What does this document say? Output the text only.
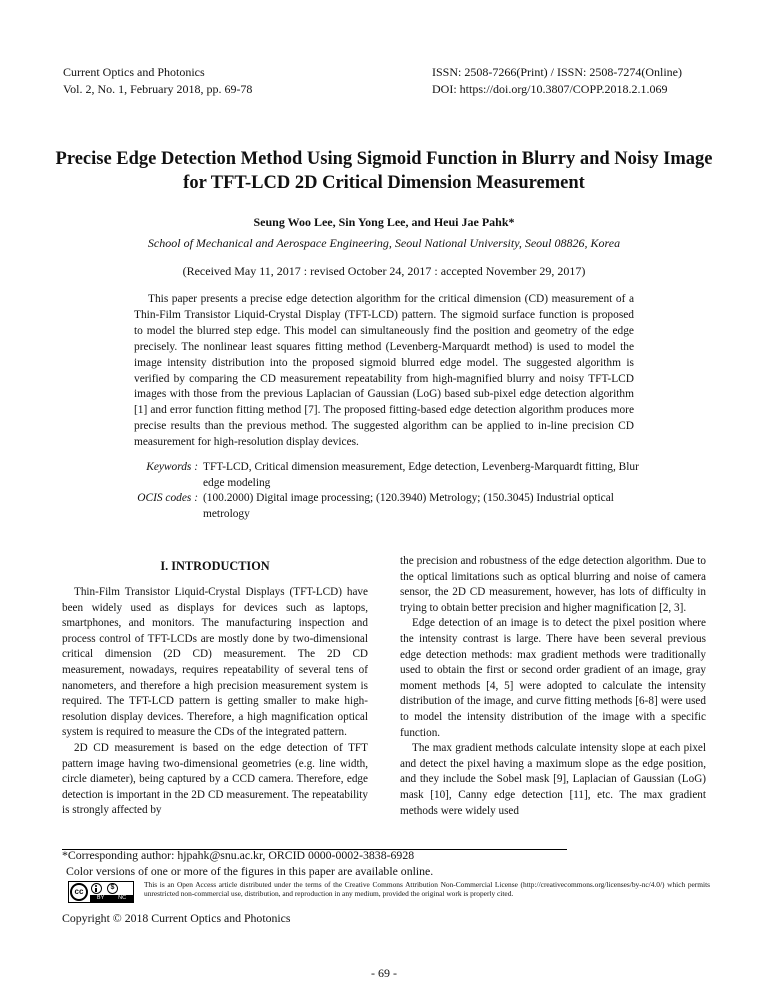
Current Optics and Photonics
Vol. 2, No. 1, February 2018, pp. 69-78
ISSN: 2508-7266(Print) / ISSN: 2508-7274(Online)
DOI: https://doi.org/10.3807/COPP.2018.2.1.069
Precise Edge Detection Method Using Sigmoid Function in Blurry and Noisy Image
for TFT-LCD 2D Critical Dimension Measurement
Seung Woo Lee, Sin Yong Lee, and Heui Jae Pahk*
School of Mechanical and Aerospace Engineering, Seoul National University, Seoul 08826, Korea
(Received May 11, 2017 : revised October 24, 2017 : accepted November 29, 2017)

This paper presents a precise edge detection algorithm for the critical dimension (CD) measurement of a Thin-Film Transistor Liquid-Crystal Display (TFT-LCD) pattern. The sigmoid surface function is proposed to model the blurred step edge. This model can simultaneously find the position and geometry of the edge precisely. The nonlinear least squares fitting method (Levenberg-Marquardt method) is used to model the image intensity distribution into the proposed sigmoid blurred edge model. The suggested algorithm is verified by comparing the CD measurement repeatability from high-magnified blurry and noisy TFT-LCD images with those from the previous Laplacian of Gaussian (LoG) based sub-pixel edge detection algorithm [1] and error function fitting method [7]. The proposed fitting-based edge detection algorithm produces more precise results than the previous method. The suggested algorithm can be applied to in-line precision CD measurement for high-resolution display devices.

Keywords : TFT-LCD, Critical dimension measurement, Edge detection, Levenberg-Marquardt fitting, Blur edge modeling
OCIS codes : (100.2000) Digital image processing; (120.3940) Metrology; (150.3045) Industrial optical metrology
I. INTRODUCTION

Thin-Film Transistor Liquid-Crystal Displays (TFT-LCD) have been widely used as displays for devices such as laptops, smartphones, and monitors. The manufacturing inspection and process control of TFT-LCDs are mostly done by two-dimensional critical dimension (2D CD) measurement. The 2D CD measurement, nowadays, requires repeatability of several tens of nanometers, and therefore a high precision measurement system is required. The TFT-LCD pattern is getting smaller to make high-resolution display devices. Therefore, a high magnification optical system is required to measure the CDs of the integrated pattern.

2D CD measurement is based on the edge detection of TFT pattern image having two-dimensional geometries (e.g. line width, circle diameter), being captured by a CCD camera. Therefore, edge detection is important in the 2D CD measurement. The repeatability is strongly affected by

the precision and robustness of the edge detection algorithm. Due to the optical limitations such as optical blurring and noise of camera sensor, the 2D CD measurement, however, has lots of difficulty in trying to obtain better precision and higher magnification [2, 3].

Edge detection of an image is to detect the pixel position where the intensity contrast is large. There have been several previous edge detection methods: max gradient methods were traditionally used to obtain the first or second order gradient of an image, gray moment methods [4, 5] were adopted to calculate the intensity distribution of the image, and curve fitting methods [6-8] were used to model the intensity distribution of the image with a specific function.

The max gradient methods calculate intensity slope at each pixel and detect the pixel having a maximum slope as the edge position, and they include the Sobel mask [9], Laplacian of Gaussian (LoG) mask [10], Canny edge detection [11], etc. The max gradient methods were widely used

*Corresponding author: hjpahk@snu.ac.kr, ORCID 0000-0002-3838-6928
Color versions of one or more of the figures in this paper are available online.
cc	$
BY	NC
This is an Open Access article distributed under the terms of the Creative Commons Attribution Non-Commercial License (http://creativecommons.org/licenses/by-nc/4.0/) which permits unrestricted non-commercial use, distribution, and reproduction in any medium, provided the original work is properly cited.
Copyright © 2018 Current Optics and Photonics
- 69 -
